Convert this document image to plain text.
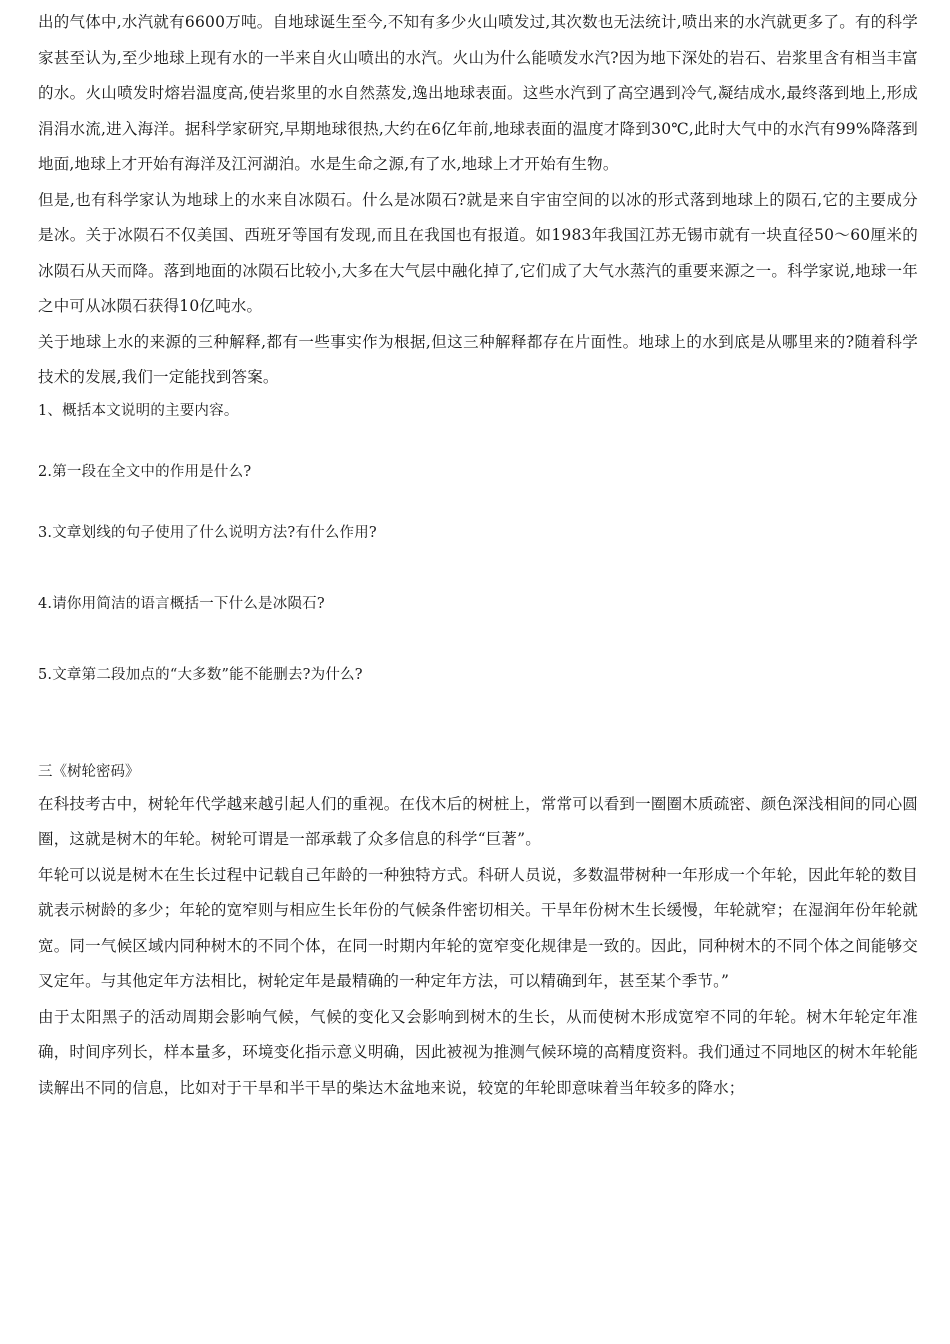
出的气体中,水汽就有6600万吨。自地球诞生至今,不知有多少火山喷发过,其次数也无法统计,喷出来的水汽就更多了。有的科学家甚至认为,至少地球上现有水的一半来自火山喷出的水汽。火山为什么能喷发水汽?因为地下深处的岩石、岩浆里含有相当丰富的水。火山喷发时熔岩温度高,使岩浆里的水自然蒸发,逸出地球表面。这些水汽到了高空遇到冷气,凝结成水,最终落到地上,形成涓涓水流,进入海洋。据科学家研究,早期地球很热,大约在6亿年前,地球表面的温度才降到30℃,此时大气中的水汽有99%降落到地面,地球上才开始有海洋及江河湖泊。水是生命之源,有了水,地球上才开始有生物。

但是,也有科学家认为地球上的水来自冰陨石。什么是冰陨石?就是来自宇宙空间的以冰的形式落到地球上的陨石,它的主要成分是冰。关于冰陨石不仅美国、西班牙等国有发现,而且在我国也有报道。如1983年我国江苏无锡市就有一块直径50～60厘米的冰陨石从天而降。落到地面的冰陨石比较小,大多在大气层中融化掉了,它们成了大气水蒸汽的重要来源之一。科学家说,地球一年之中可从冰陨石获得10亿吨水。

关于地球上水的来源的三种解释,都有一些事实作为根据,但这三种解释都存在片面性。地球上的水到底是从哪里来的?随着科学技术的发展,我们一定能找到答案。

1、概括本文说明的主要内容。

2.第一段在全文中的作用是什么?

3.文章划线的句子使用了什么说明方法?有什么作用?

4.请你用简洁的语言概括一下什么是冰陨石?

5.文章第二段加点的“大多数”能不能删去?为什么?

三《树轮密码》

在科技考古中，树轮年代学越来越引起人们的重视。在伐木后的树桩上，常常可以看到一圈圈木质疏密、颜色深浅相间的同心圆圈，这就是树木的年轮。树轮可谓是一部承载了众多信息的科学“巨著”。

年轮可以说是树木在生长过程中记载自己年龄的一种独特方式。科研人员说，多数温带树种一年形成一个年轮，因此年轮的数目就表示树龄的多少；年轮的宽窄则与相应生长年份的气候条件密切相关。干旱年份树木生长缓慢，年轮就窄；在湿润年份年轮就宽。同一气候区域内同种树木的不同个体，在同一时期内年轮的宽窄变化规律是一致的。因此，同种树木的不同个体之间能够交叉定年。与其他定年方法相比，树轮定年是最精确的一种定年方法，可以精确到年，甚至某个季节。”

由于太阳黑子的活动周期会影响气候，气候的变化又会影响到树木的生长，从而使树木形成宽窄不同的年轮。树木年轮定年准确，时间序列长，样本量多，环境变化指示意义明确，因此被视为推测气候环境的高精度资料。我们通过不同地区的树木年轮能读解出不同的信息，比如对于干旱和半干旱的柴达木盆地来说，较宽的年轮即意味着当年较多的降水；
